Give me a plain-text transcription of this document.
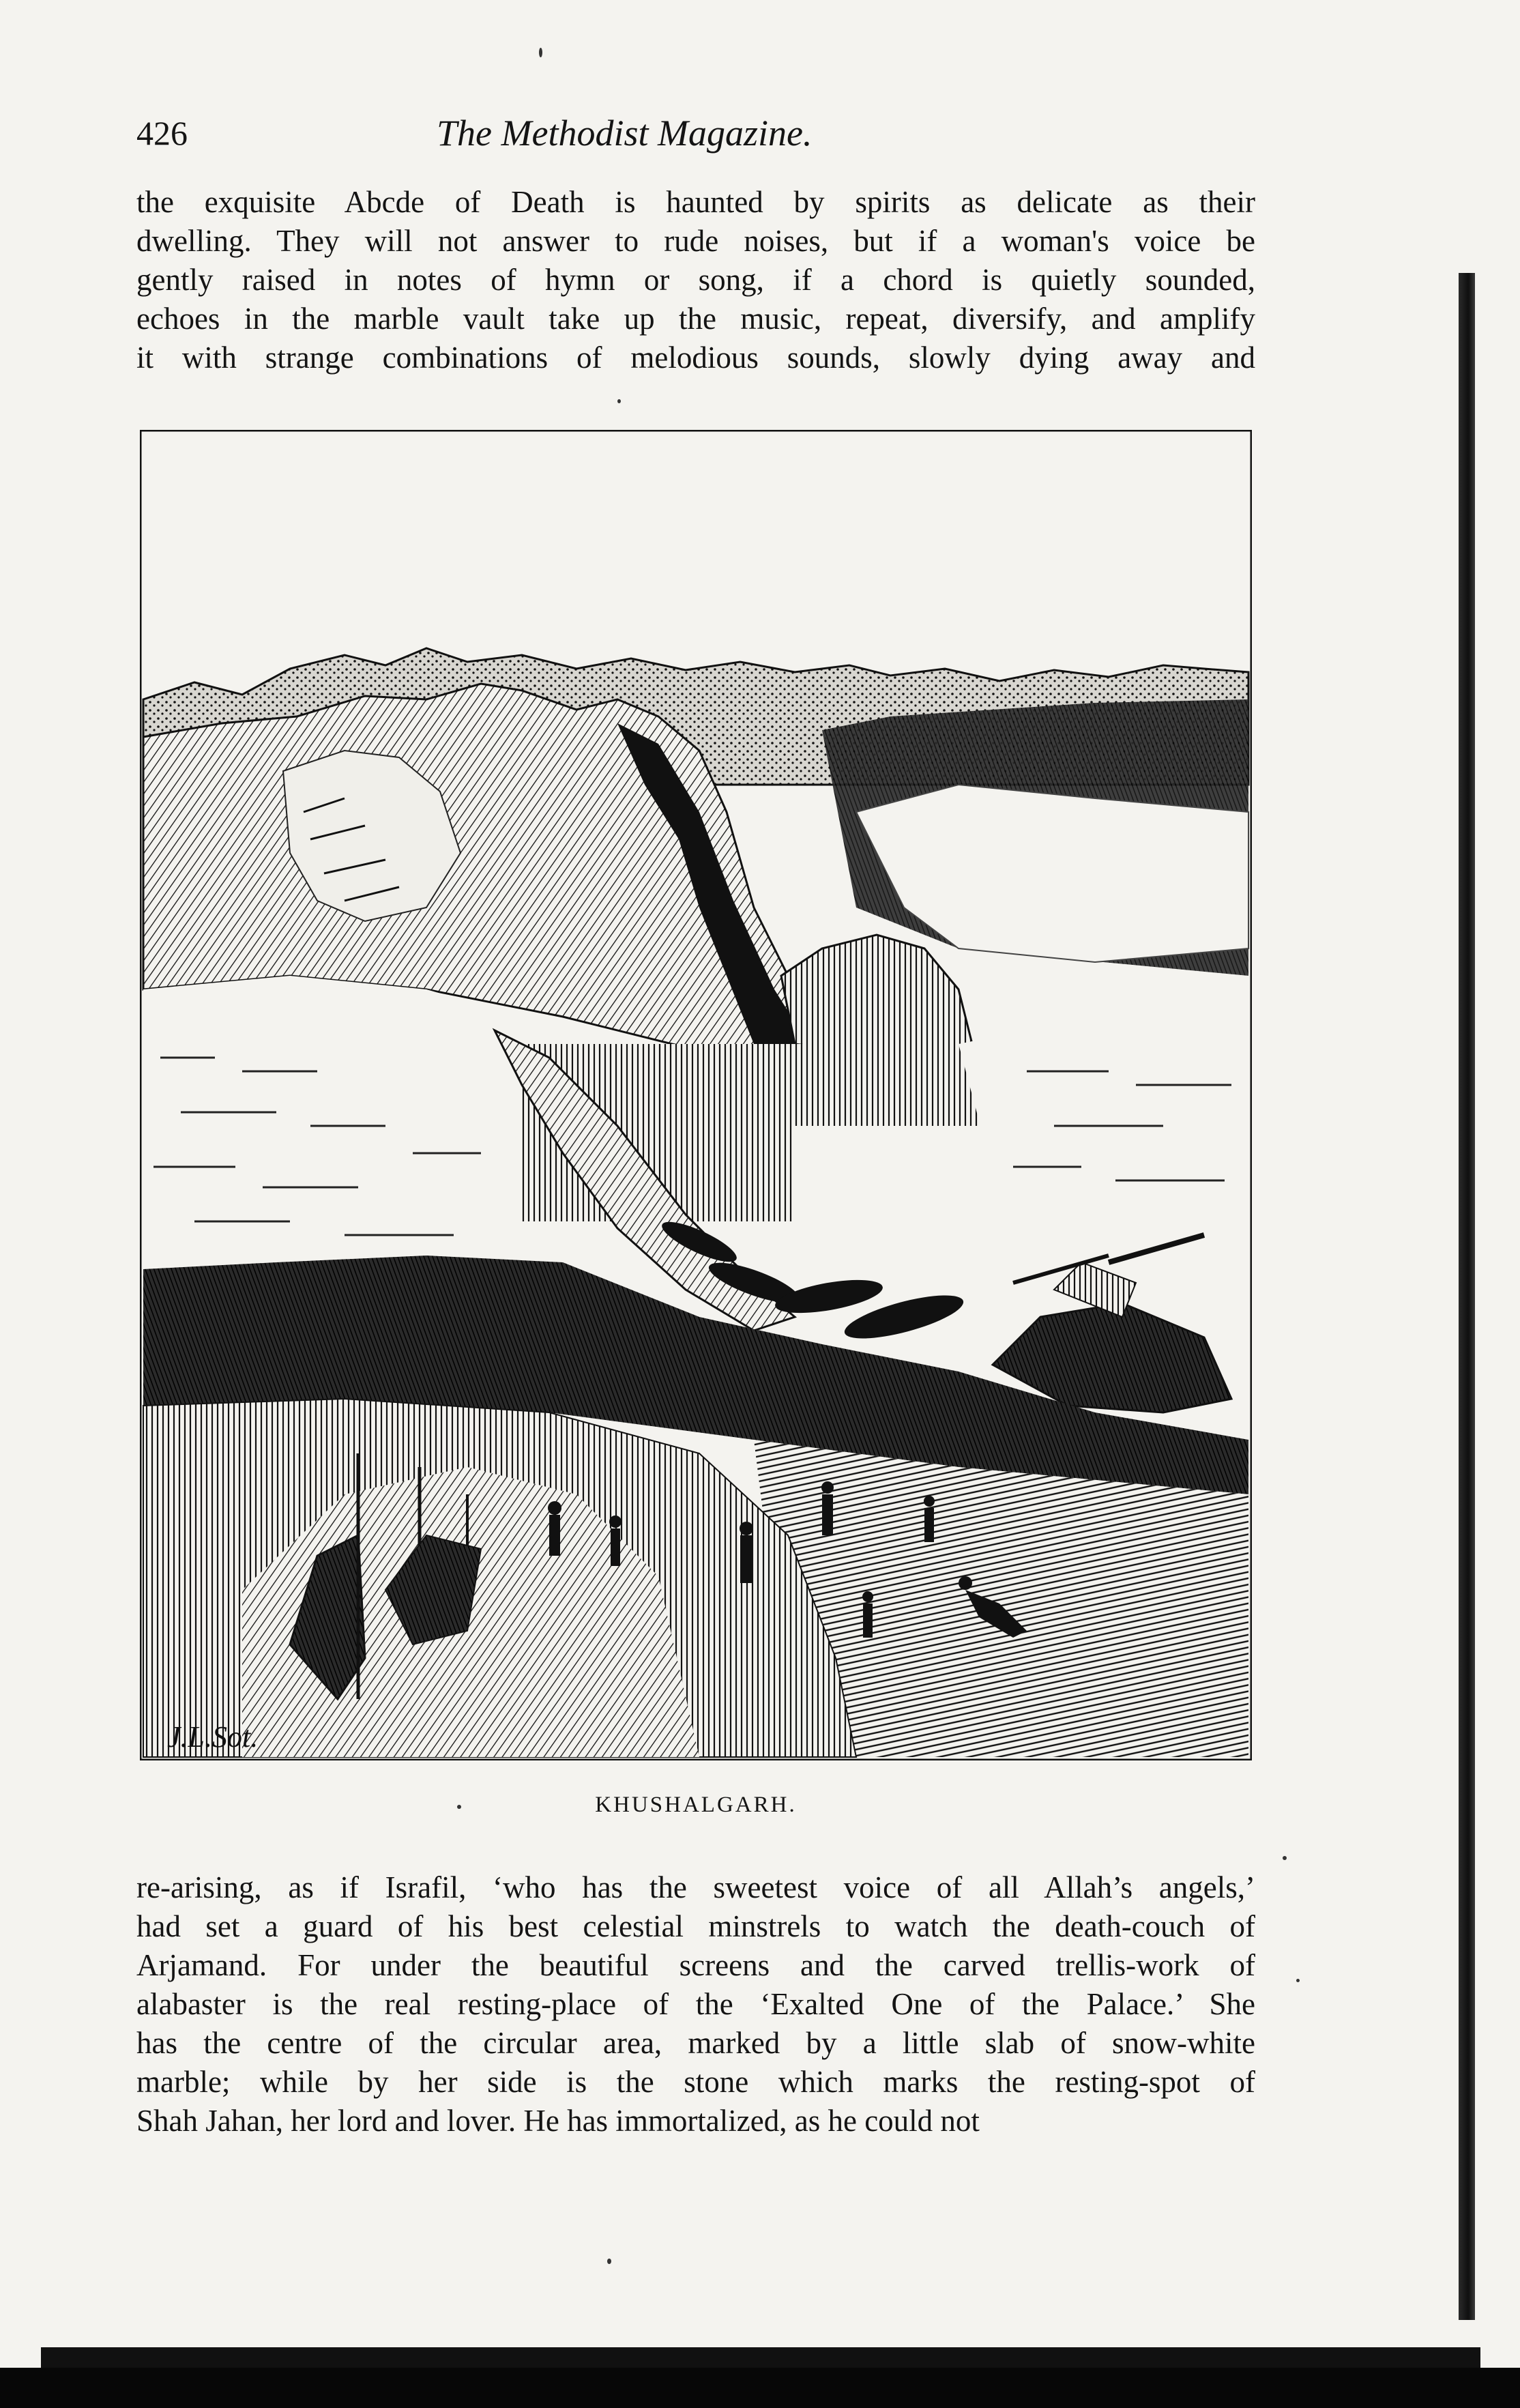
426	The Methodist Magazine.
the exquisite Abcde of Death is haunted by spirits as delicate as their
dwelling. They will not answer to rude noises, but if a woman's voice be
gently raised in notes of hymn or song, if a chord is quietly sounded,
echoes in the marble vault take up the music, repeat, diversify, and amplify
it with strange combinations of melodious sounds, slowly dying away and
J.L.Sot.
KHUSHALGARH.
re-arising, as if Israfil, ‘who has the sweetest voice of all Allah’s angels,’
had set a guard of his best celestial minstrels to watch the death-couch of
Arjamand. For under the beautiful screens and the carved trellis-work of
alabaster is the real resting-place of the ‘Exalted One of the Palace.’ She
has the centre of the circular area, marked by a little slab of snow-white
marble; while by her side is the stone which marks the resting-spot of
Shah Jahan, her lord and lover. He has immortalized, as he could not
